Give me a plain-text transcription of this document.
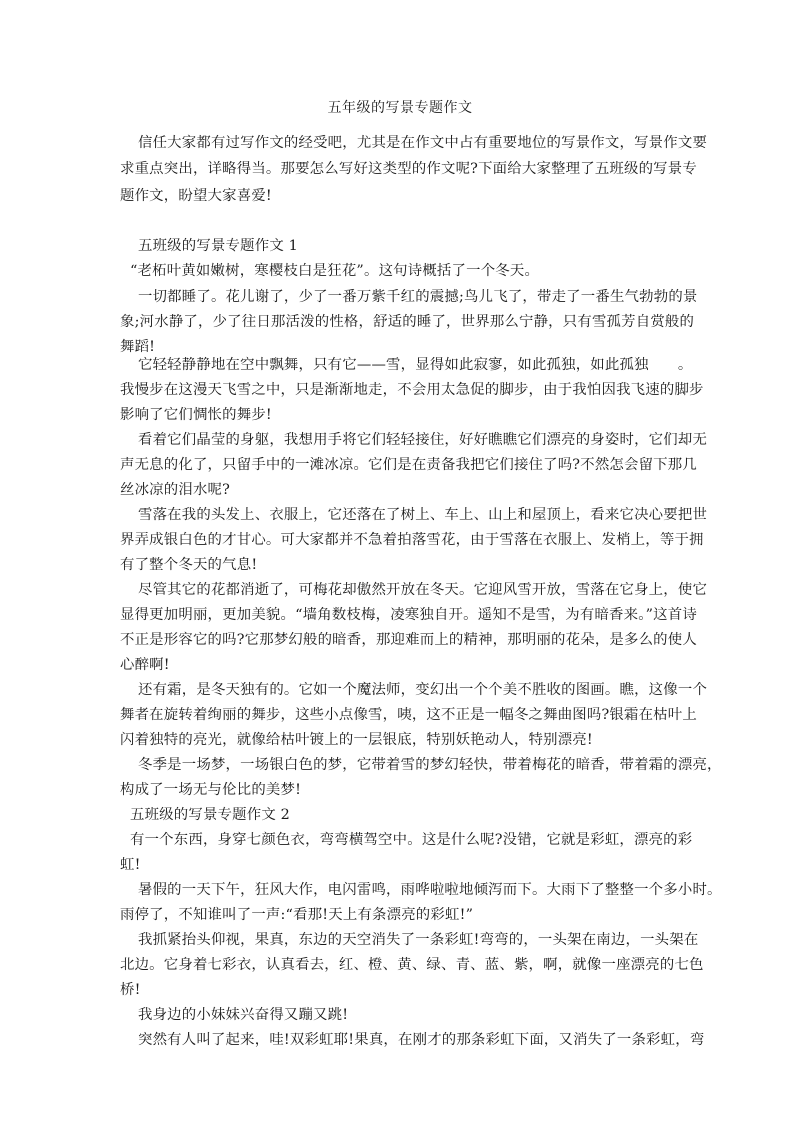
五年级的写景专题作文
信任大家都有过写作文的经受吧，尤其是在作文中占有重要地位的写景作文，写景作文要
求重点突出，详略得当。那要怎么写好这类型的作文呢?下面给大家整理了五班级的写景专
题作文，盼望大家喜爱!
五班级的写景专题作文 1
“老柘叶黄如嫩树，寒樱枝白是狂花”。这句诗概括了一个冬天。
一切都睡了。花儿谢了，少了一番万紫千红的震撼;鸟儿飞了，带走了一番生气勃勃的景
象;河水静了，少了往日那活泼的性格，舒适的睡了，世界那么宁静，只有雪孤芳自赏般的
舞蹈!
它轻轻静静地在空中飘舞，只有它——雪，显得如此寂寥，如此孤独，如此孤独　　。
我慢步在这漫天飞雪之中，只是渐渐地走，不会用太急促的脚步，由于我怕因我飞速的脚步
影响了它们惆怅的舞步!
看着它们晶莹的身躯，我想用手将它们轻轻接住，好好瞧瞧它们漂亮的身姿时，它们却无
声无息的化了，只留手中的一滩冰凉。它们是在责备我把它们接住了吗?不然怎会留下那几
丝冰凉的泪水呢?
雪落在我的头发上、衣服上，它还落在了树上、车上、山上和屋顶上，看来它决心要把世
界弄成银白色的才甘心。可大家都并不急着拍落雪花，由于雪落在衣服上、发梢上，等于拥
有了整个冬天的气息!
尽管其它的花都消逝了，可梅花却傲然开放在冬天。它迎风雪开放，雪落在它身上，使它
显得更加明丽，更加美貌。“墙角数枝梅，凌寒独自开。遥知不是雪，为有暗香来。”这首诗
不正是形容它的吗?它那梦幻般的暗香，那迎难而上的精神，那明丽的花朵，是多么的使人
心醉啊!
还有霜，是冬天独有的。它如一个魔法师，变幻出一个个美不胜收的图画。瞧，这像一个
舞者在旋转着绚丽的舞步，这些小点像雪，咦，这不正是一幅冬之舞曲图吗?银霜在枯叶上
闪着独特的亮光，就像给枯叶镀上的一层银底，特别妖艳动人，特别漂亮!
冬季是一场梦，一场银白色的梦，它带着雪的梦幻轻快，带着梅花的暗香，带着霜的漂亮，
构成了一场无与伦比的美梦!
五班级的写景专题作文 2
有一个东西，身穿七颜色衣，弯弯横驾空中。这是什么呢?没错，它就是彩虹，漂亮的彩
虹!
暑假的一天下午，狂风大作，电闪雷鸣，雨哗啦啦地倾泻而下。大雨下了整整一个多小时。
雨停了，不知谁叫了一声:“看那!天上有条漂亮的彩虹!”
我抓紧抬头仰视，果真，东边的天空消失了一条彩虹!弯弯的，一头架在南边，一头架在
北边。它身着七彩衣，认真看去，红、橙、黄、绿、青、蓝、紫，啊，就像一座漂亮的七色
桥!
我身边的小妹妹兴奋得又蹦又跳!
突然有人叫了起来，哇!双彩虹耶!果真，在刚才的那条彩虹下面，又消失了一条彩虹，弯
